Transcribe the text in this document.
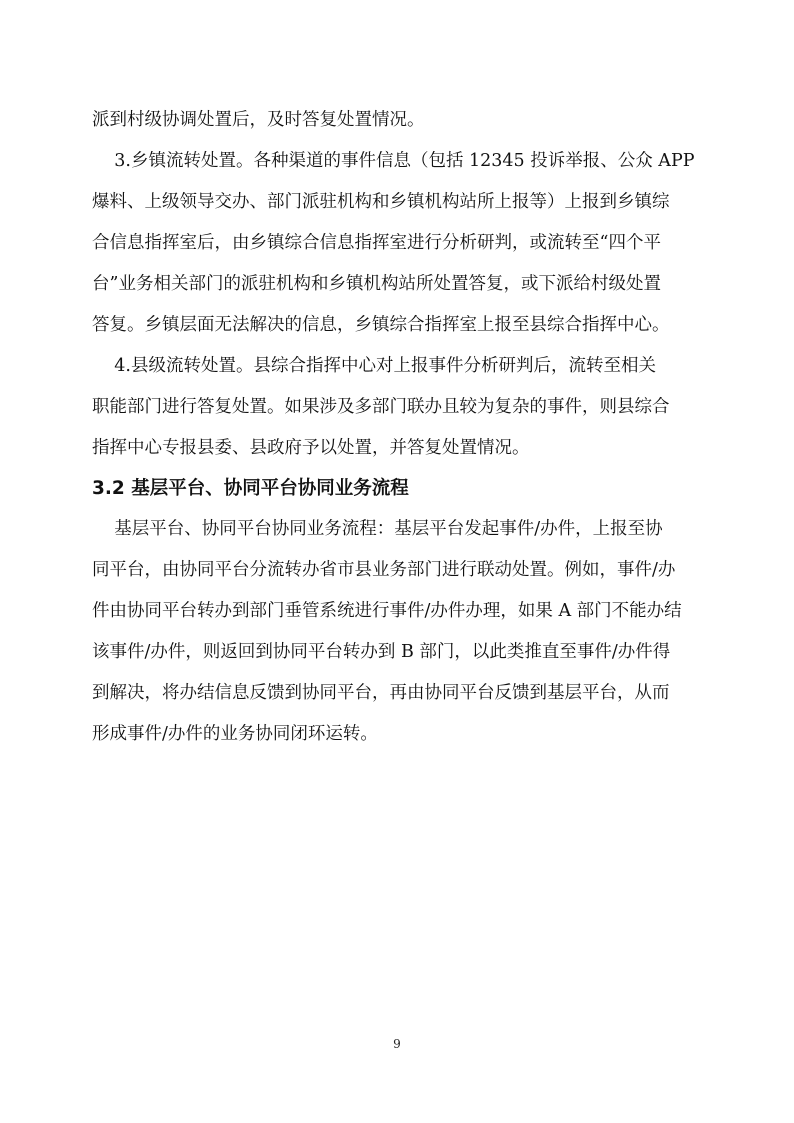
派到村级协调处置后，及时答复处置情况。
3.乡镇流转处置。各种渠道的事件信息（包括 12345 投诉举报、公众 APP
爆料、上级领导交办、部门派驻机构和乡镇机构站所上报等）上报到乡镇综
合信息指挥室后，由乡镇综合信息指挥室进行分析研判，或流转至“四个平
台”业务相关部门的派驻机构和乡镇机构站所处置答复，或下派给村级处置
答复。乡镇层面无法解决的信息，乡镇综合指挥室上报至县综合指挥中心。
4.县级流转处置。县综合指挥中心对上报事件分析研判后，流转至相关
职能部门进行答复处置。如果涉及多部门联办且较为复杂的事件，则县综合
指挥中心专报县委、县政府予以处置，并答复处置情况。
3.2 基层平台、协同平台协同业务流程
基层平台、协同平台协同业务流程：基层平台发起事件/办件，上报至协
同平台，由协同平台分流转办省市县业务部门进行联动处置。例如，事件/办
件由协同平台转办到部门垂管系统进行事件/办件办理，如果 A 部门不能办结
该事件/办件，则返回到协同平台转办到 B 部门，以此类推直至事件/办件得
到解决，将办结信息反馈到协同平台，再由协同平台反馈到基层平台，从而
形成事件/办件的业务协同闭环运转。
9
